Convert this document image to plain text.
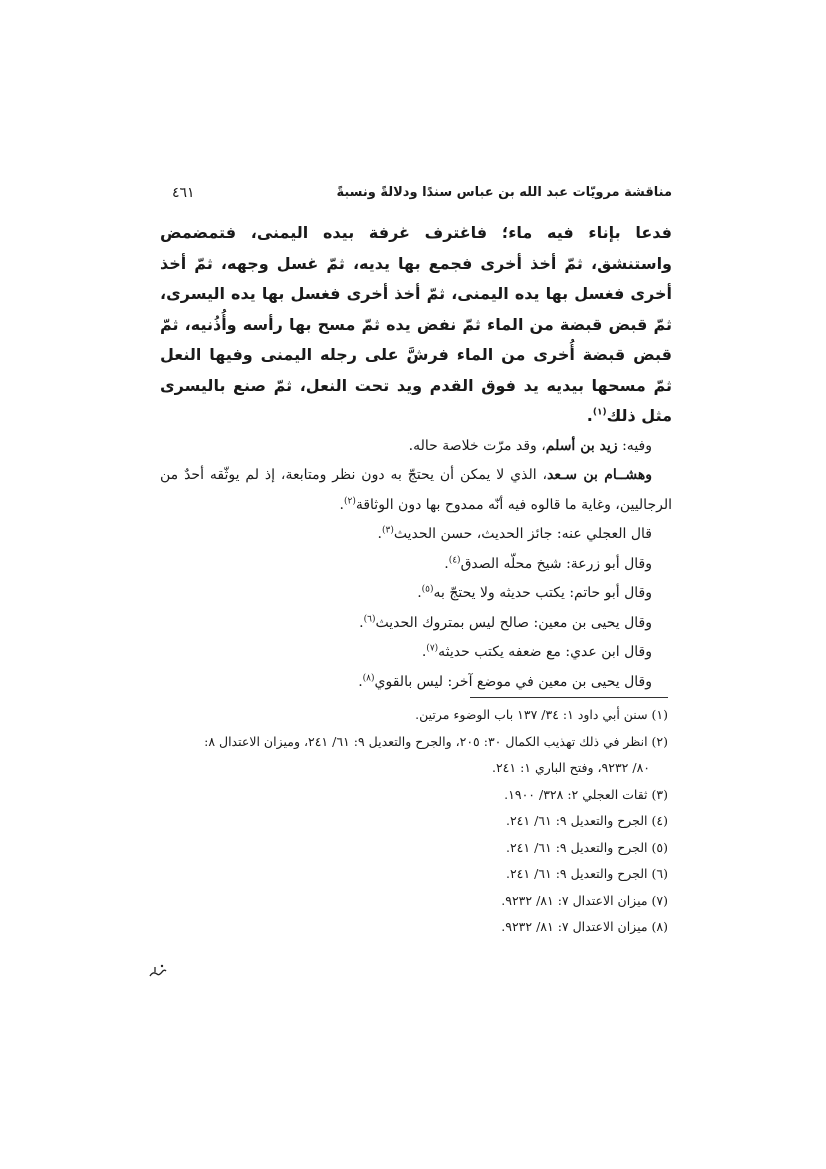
مناقشة مرويّات عبد الله بن عباس سندًا ودلالةً ونسبةً
٤٦١

فدعا بإناء فيه ماء؛ فاغترف غرفة بيده اليمنى، فتمضمض واستنشق، ثمّ أخذ أخرى فجمع بها يديه، ثمّ غسل وجهه، ثمّ أخذ أخرى فغسل بها يده اليمنى، ثمّ أخذ أخرى فغسل بها يده اليسرى، ثمّ قبض قبضة من الماء ثمّ نفض يده ثمّ مسح بها رأسه وأُذُنيه، ثمّ قبض قبضة أُخرى من الماء فرشَّ على رجله اليمنى وفيها النعل ثمّ مسحها بيديه يد فوق القدم ويد تحت النعل، ثمّ صنع باليسرى مثل ذلك$^{(١)}$.

وفيه: زيد بن أسلم، وقد مرّت خلاصة حاله.

وهشــام بن سـعد، الذي لا يمكن أن يحتجّ به دون نظر ومتابعة، إذ لم يوثّقه أحدٌ من الرجاليين، وغاية ما قالوه فيه أنّه ممدوح بها دون الوثاقة$^{(٢)}$.

قال العجلي عنه: جائز الحديث، حسن الحديث$^{(٣)}$.

وقال أبو زرعة: شيخ محلّه الصدق$^{(٤)}$.

وقال أبو حاتم: يكتب حديثه ولا يحتجّ به$^{(٥)}$.

وقال يحيى بن معين: صالح ليس بمتروك الحديث$^{(٦)}$.

وقال ابن عدي: مع ضعفه يكتب حديثه$^{(٧)}$.

وقال يحيى بن معين في موضع آخر: ليس بالقوي$^{(٨)}$.

(١) سنن أبي داود ١: ٣٤/ ١٣٧ باب الوضوء مرتين.
(٢) انظر في ذلك تهذيب الكمال ٣٠: ٢٠٥، والجرح والتعديل ٩: ٦١/ ٢٤١، وميزان الاعتدال ٨:
٨٠/ ٩٢٣٢، وفتح الباري ١: ٢٤١.
(٣) ثقات العجلي ٢: ٣٢٨/ ١٩٠٠.
(٤) الجرح والتعديل ٩: ٦١/ ٢٤١.
(٥) الجرح والتعديل ٩: ٦١/ ٢٤١.
(٦) الجرح والتعديل ٩: ٦١/ ٢٤١.
(٧) ميزان الاعتدال ٧: ٨١/ ٩٢٣٢.
(٨) ميزان الاعتدال ٧: ٨١/ ٩٢٣٢.
